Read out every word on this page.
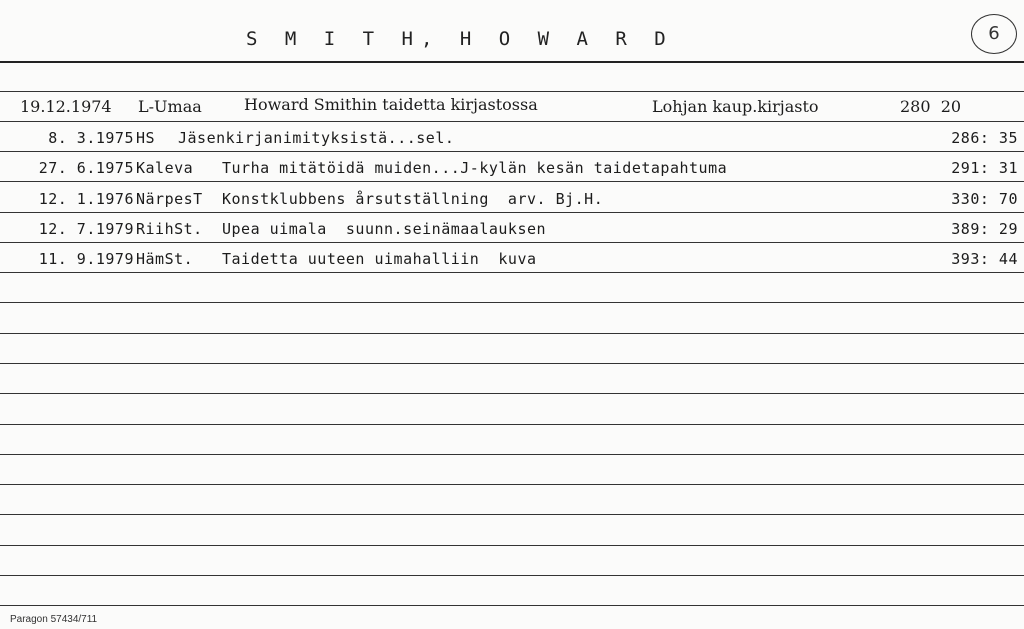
S M I T H, H O W A R D	6
19.12.1974 L-Umaa	Howard Smithin taidetta kirjastossa	Lohjan kaup.kirjasto	280  20
8. 3.1975 HS Jäsenkirjanimityksistä...sel.	286: 35
27. 6.1975 Kaleva Turha mitätöidä muiden...J-kylän kesän taidetapahtuma	291: 31
12. 1.1976 NärpesT Konstklubbens årsutställning  arv. Bj.H.	330: 70
12. 7.1979 RiihSt. Upea uimala  suunn.seinämaalauksen	389: 29
11. 9.1979 HämSt. Taidetta uuteen uimahalliin  kuva	393: 44
Paragon 57434/711
